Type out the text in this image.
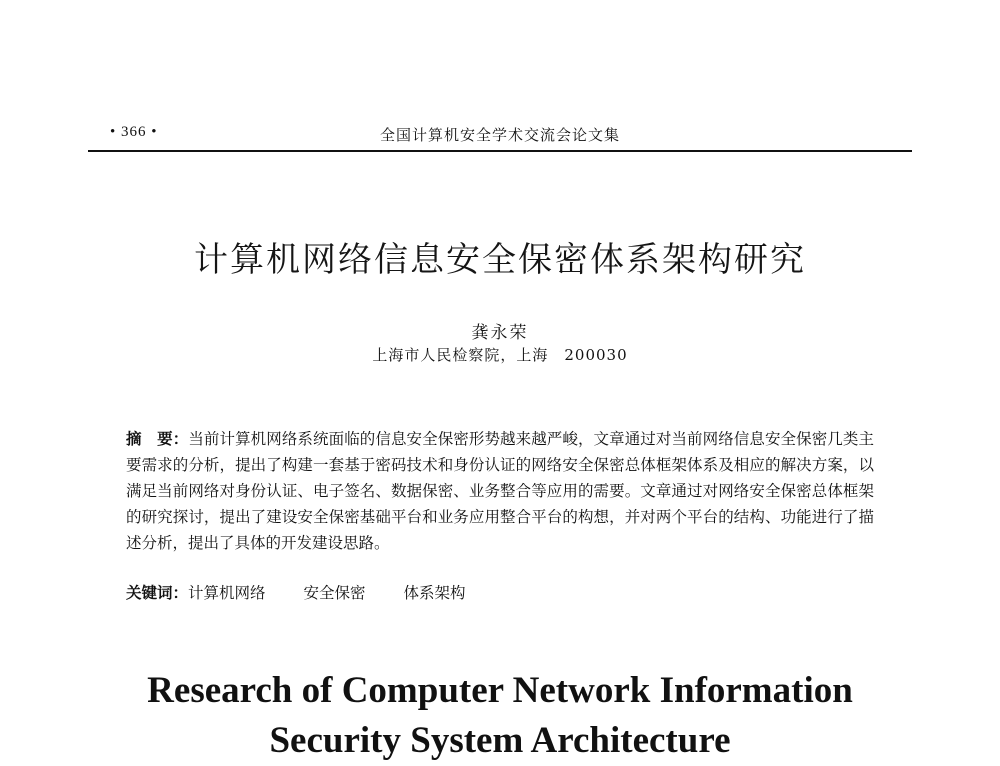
• 366 •	全国计算机安全学术交流会论文集
计算机网络信息安全保密体系架构研究
龚永荣
上海市人民检察院，上海　200030
摘　要：当前计算机网络系统面临的信息安全保密形势越来越严峻，文章通过对当前网络信息安全保密几类主要需求的分析，提出了构建一套基于密码技术和身份认证的网络安全保密总体框架体系及相应的解决方案，以满足当前网络对身份认证、电子签名、数据保密、业务整合等应用的需要。文章通过对网络安全保密总体框架的研究探讨，提出了建设安全保密基础平台和业务应用整合平台的构想，并对两个平台的结构、功能进行了描述分析，提出了具体的开发建设思路。
关键词：计算机网络 安全保密 体系架构
Research of Computer Network Information
Security System Architecture
